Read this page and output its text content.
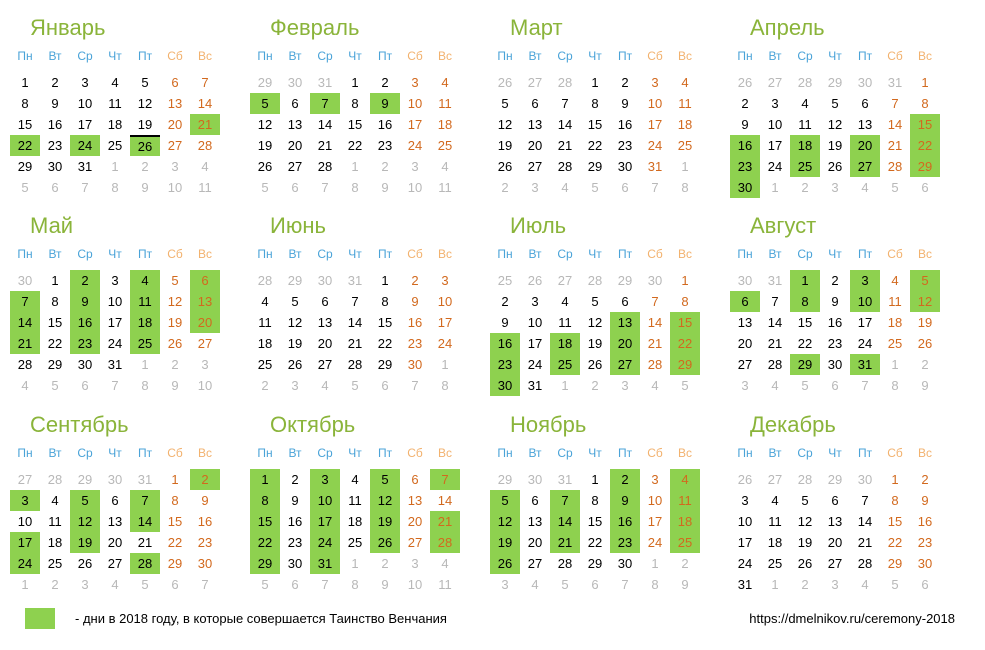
Январь
Пн	Вт	Ср	Чт	Пт	Сб	Вс
1	2	3	4	5	6	7
8	9	10	11	12	13	14
15	16	17	18	19	20	21
22	23	24	25	26	27	28
29	30	31	1	2	3	4
5	6	7	8	9	10	11
Февраль
Пн	Вт	Ср	Чт	Пт	Сб	Вс
29	30	31	1	2	3	4
5	6	7	8	9	10	11
12	13	14	15	16	17	18
19	20	21	22	23	24	25
26	27	28	1	2	3	4
5	6	7	8	9	10	11
Март
Пн	Вт	Ср	Чт	Пт	Сб	Вс
26	27	28	1	2	3	4
5	6	7	8	9	10	11
12	13	14	15	16	17	18
19	20	21	22	23	24	25
26	27	28	29	30	31	1
2	3	4	5	6	7	8
Апрель
Пн	Вт	Ср	Чт	Пт	Сб	Вс
26	27	28	29	30	31	1
2	3	4	5	6	7	8
9	10	11	12	13	14	15
16	17	18	19	20	21	22
23	24	25	26	27	28	29
30	1	2	3	4	5	6
Май
Пн	Вт	Ср	Чт	Пт	Сб	Вс
30	1	2	3	4	5	6
7	8	9	10	11	12	13
14	15	16	17	18	19	20
21	22	23	24	25	26	27
28	29	30	31	1	2	3
4	5	6	7	8	9	10
Июнь
Пн	Вт	Ср	Чт	Пт	Сб	Вс
28	29	30	31	1	2	3
4	5	6	7	8	9	10
11	12	13	14	15	16	17
18	19	20	21	22	23	24
25	26	27	28	29	30	1
2	3	4	5	6	7	8
Июль
Пн	Вт	Ср	Чт	Пт	Сб	Вс
25	26	27	28	29	30	1
2	3	4	5	6	7	8
9	10	11	12	13	14	15
16	17	18	19	20	21	22
23	24	25	26	27	28	29
30	31	1	2	3	4	5
Август
Пн	Вт	Ср	Чт	Пт	Сб	Вс
30	31	1	2	3	4	5
6	7	8	9	10	11	12
13	14	15	16	17	18	19
20	21	22	23	24	25	26
27	28	29	30	31	1	2
3	4	5	6	7	8	9
Сентябрь
Пн	Вт	Ср	Чт	Пт	Сб	Вс
27	28	29	30	31	1	2
3	4	5	6	7	8	9
10	11	12	13	14	15	16
17	18	19	20	21	22	23
24	25	26	27	28	29	30
1	2	3	4	5	6	7
Октябрь
Пн	Вт	Ср	Чт	Пт	Сб	Вс
1	2	3	4	5	6	7
8	9	10	11	12	13	14
15	16	17	18	19	20	21
22	23	24	25	26	27	28
29	30	31	1	2	3	4
5	6	7	8	9	10	11
Ноябрь
Пн	Вт	Ср	Чт	Пт	Сб	Вс
29	30	31	1	2	3	4
5	6	7	8	9	10	11
12	13	14	15	16	17	18
19	20	21	22	23	24	25
26	27	28	29	30	1	2
3	4	5	6	7	8	9
Декабрь
Пн	Вт	Ср	Чт	Пт	Сб	Вс
26	27	28	29	30	1	2
3	4	5	6	7	8	9
10	11	12	13	14	15	16
17	18	19	20	21	22	23
24	25	26	27	28	29	30
31	1	2	3	4	5	6
- дни в 2018 году, в которые совершается Таинство Венчания	https://dmelnikov.ru/ceremony-2018
